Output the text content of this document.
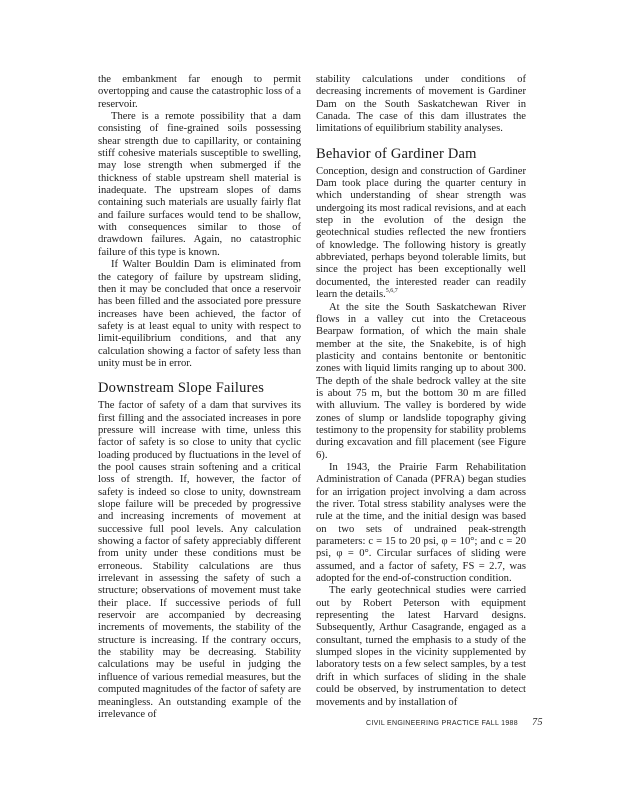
the embankment far enough to permit overtopping and cause the catastrophic loss of a reservoir.

There is a remote possibility that a dam consisting of fine-grained soils possessing shear strength due to capillarity, or containing stiff cohesive materials susceptible to swelling, may lose strength when submerged if the thickness of stable upstream shell material is inadequate. The upstream slopes of dams containing such materials are usually fairly flat and failure surfaces would tend to be shallow, with consequences similar to those of drawdown failures. Again, no catastrophic failure of this type is known.

If Walter Bouldin Dam is eliminated from the category of failure by upstream sliding, then it may be concluded that once a reservoir has been filled and the associated pore pressure increases have been achieved, the factor of safety is at least equal to unity with respect to limit-equilibrium conditions, and that any calculation showing a factor of safety less than unity must be in error.

Downstream Slope Failures

The factor of safety of a dam that survives its first filling and the associated increases in pore pressure will increase with time, unless this factor of safety is so close to unity that cyclic loading produced by fluctuations in the level of the pool causes strain softening and a critical loss of strength. If, however, the factor of safety is indeed so close to unity, downstream slope failure will be preceded by progressive and increasing increments of movement at successive full pool levels. Any calculation showing a factor of safety appreciably different from unity under these conditions must be erroneous. Stability calculations are thus irrelevant in assessing the safety of such a structure; observations of movement must take their place. If successive periods of full reservoir are accompanied by decreasing increments of movements, the stability of the structure is increasing. If the contrary occurs, the stability may be decreasing. Stability calculations may be useful in judging the influence of various remedial measures, but the computed magnitudes of the factor of safety are meaningless. An outstanding example of the irrelevance of

stability calculations under conditions of decreasing increments of movement is Gardiner Dam on the South Saskatchewan River in Canada. The case of this dam illustrates the limitations of equilibrium stability analyses.

Behavior of Gardiner Dam

Conception, design and construction of Gardiner Dam took place during the quarter century in which understanding of shear strength was undergoing its most radical revisions, and at each step in the evolution of the design the geotechnical studies reflected the new frontiers of knowledge. The following history is greatly abbreviated, perhaps beyond tolerable limits, but since the project has been exceptionally well documented, the interested reader can readily learn the details.$^{5,6,7}$

At the site the South Saskatchewan River flows in a valley cut into the Cretaceous Bearpaw formation, of which the main shale member at the site, the Snakebite, is of high plasticity and contains bentonite or bentonitic zones with liquid limits ranging up to about 300. The depth of the shale bedrock valley at the site is about 75 m, but the bottom 30 m are filled with alluvium. The valley is bordered by wide zones of slump or landslide topography giving testimony to the propensity for stability problems during excavation and fill placement (see Figure 6).

In 1943, the Prairie Farm Rehabilitation Administration of Canada (PFRA) began studies for an irrigation project involving a dam across the river. Total stress stability analyses were the rule at the time, and the initial design was based on two sets of undrained peak-strength parameters: c = 15 to 20 psi, φ = 10°; and c = 20 psi, φ = 0°. Circular surfaces of sliding were assumed, and a factor of safety, FS = 2.7, was adopted for the end-of-construction condition.

The early geotechnical studies were carried out by Robert Peterson with equipment representing the latest Harvard designs. Subsequently, Arthur Casagrande, engaged as a consultant, turned the emphasis to a study of the slumped slopes in the vicinity supplemented by laboratory tests on a few select samples, by a test drift in which surfaces of sliding in the shale could be observed, by instrumentation to detect movements and by installation of

CIVIL ENGINEERING PRACTICE FALL 1988 75
